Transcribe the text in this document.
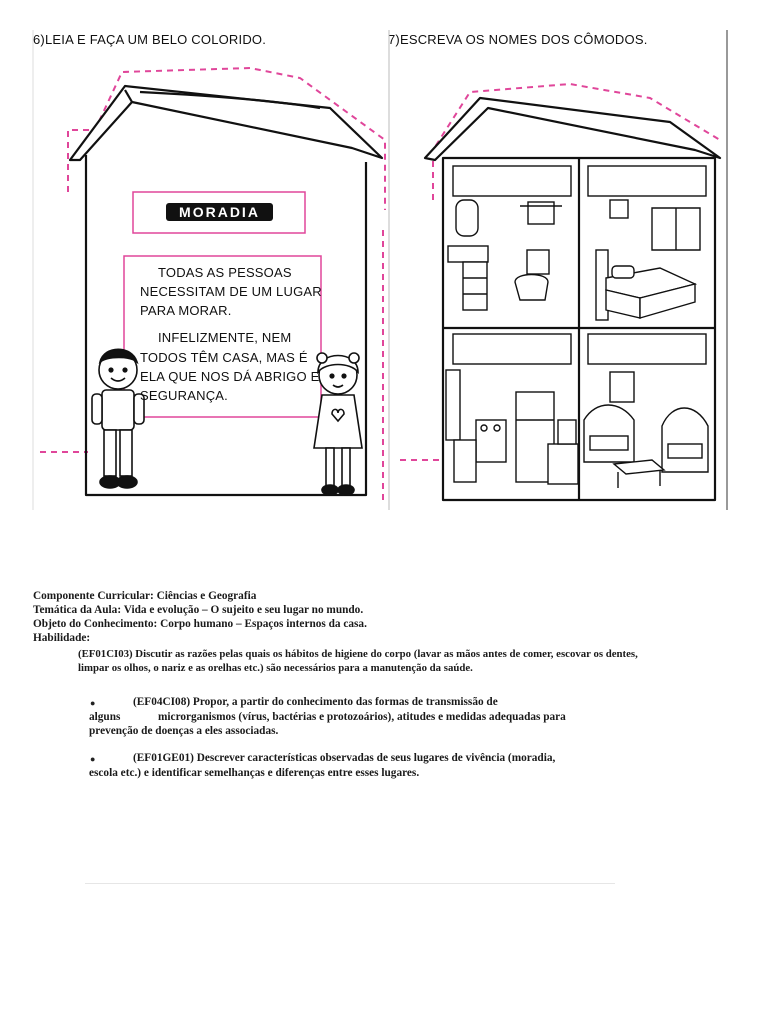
6)LEIA E FAÇA UM BELO COLORIDO.	7)ESCREVA OS NOMES DOS CÔMODOS.
MORADIA
TODAS AS PESSOAS
NECESSITAM DE UM LUGAR
PARA MORAR.
INFELIZMENTE, NEM
TODOS TÊM CASA, MAS É
ELA QUE NOS DÁ ABRIGO E
SEGURANÇA.
Componente Curricular: Ciências e Geografia
Temática da Aula: Vida e evolução – O sujeito e seu lugar no mundo.
Objeto do Conhecimento: Corpo humano – Espaços internos da casa.
Habilidade:
(EF01CI03) Discutir as razões pelas quais os hábitos de higiene do corpo (lavar as mãos antes de comer, escovar os dentes,
limpar os olhos, o nariz e as orelhas etc.) são necessários para a manutenção da saúde.
●	(EF04CI08) Propor, a partir do conhecimento das formas de transmissão de
alguns	microrganismos (vírus, bactérias e protozoários), atitudes e medidas adequadas para
prevenção de doenças a eles associadas.
●	(EF01GE01) Descrever características observadas de seus lugares de vivência (moradia,
escola etc.) e identificar semelhanças e diferenças entre esses lugares.
